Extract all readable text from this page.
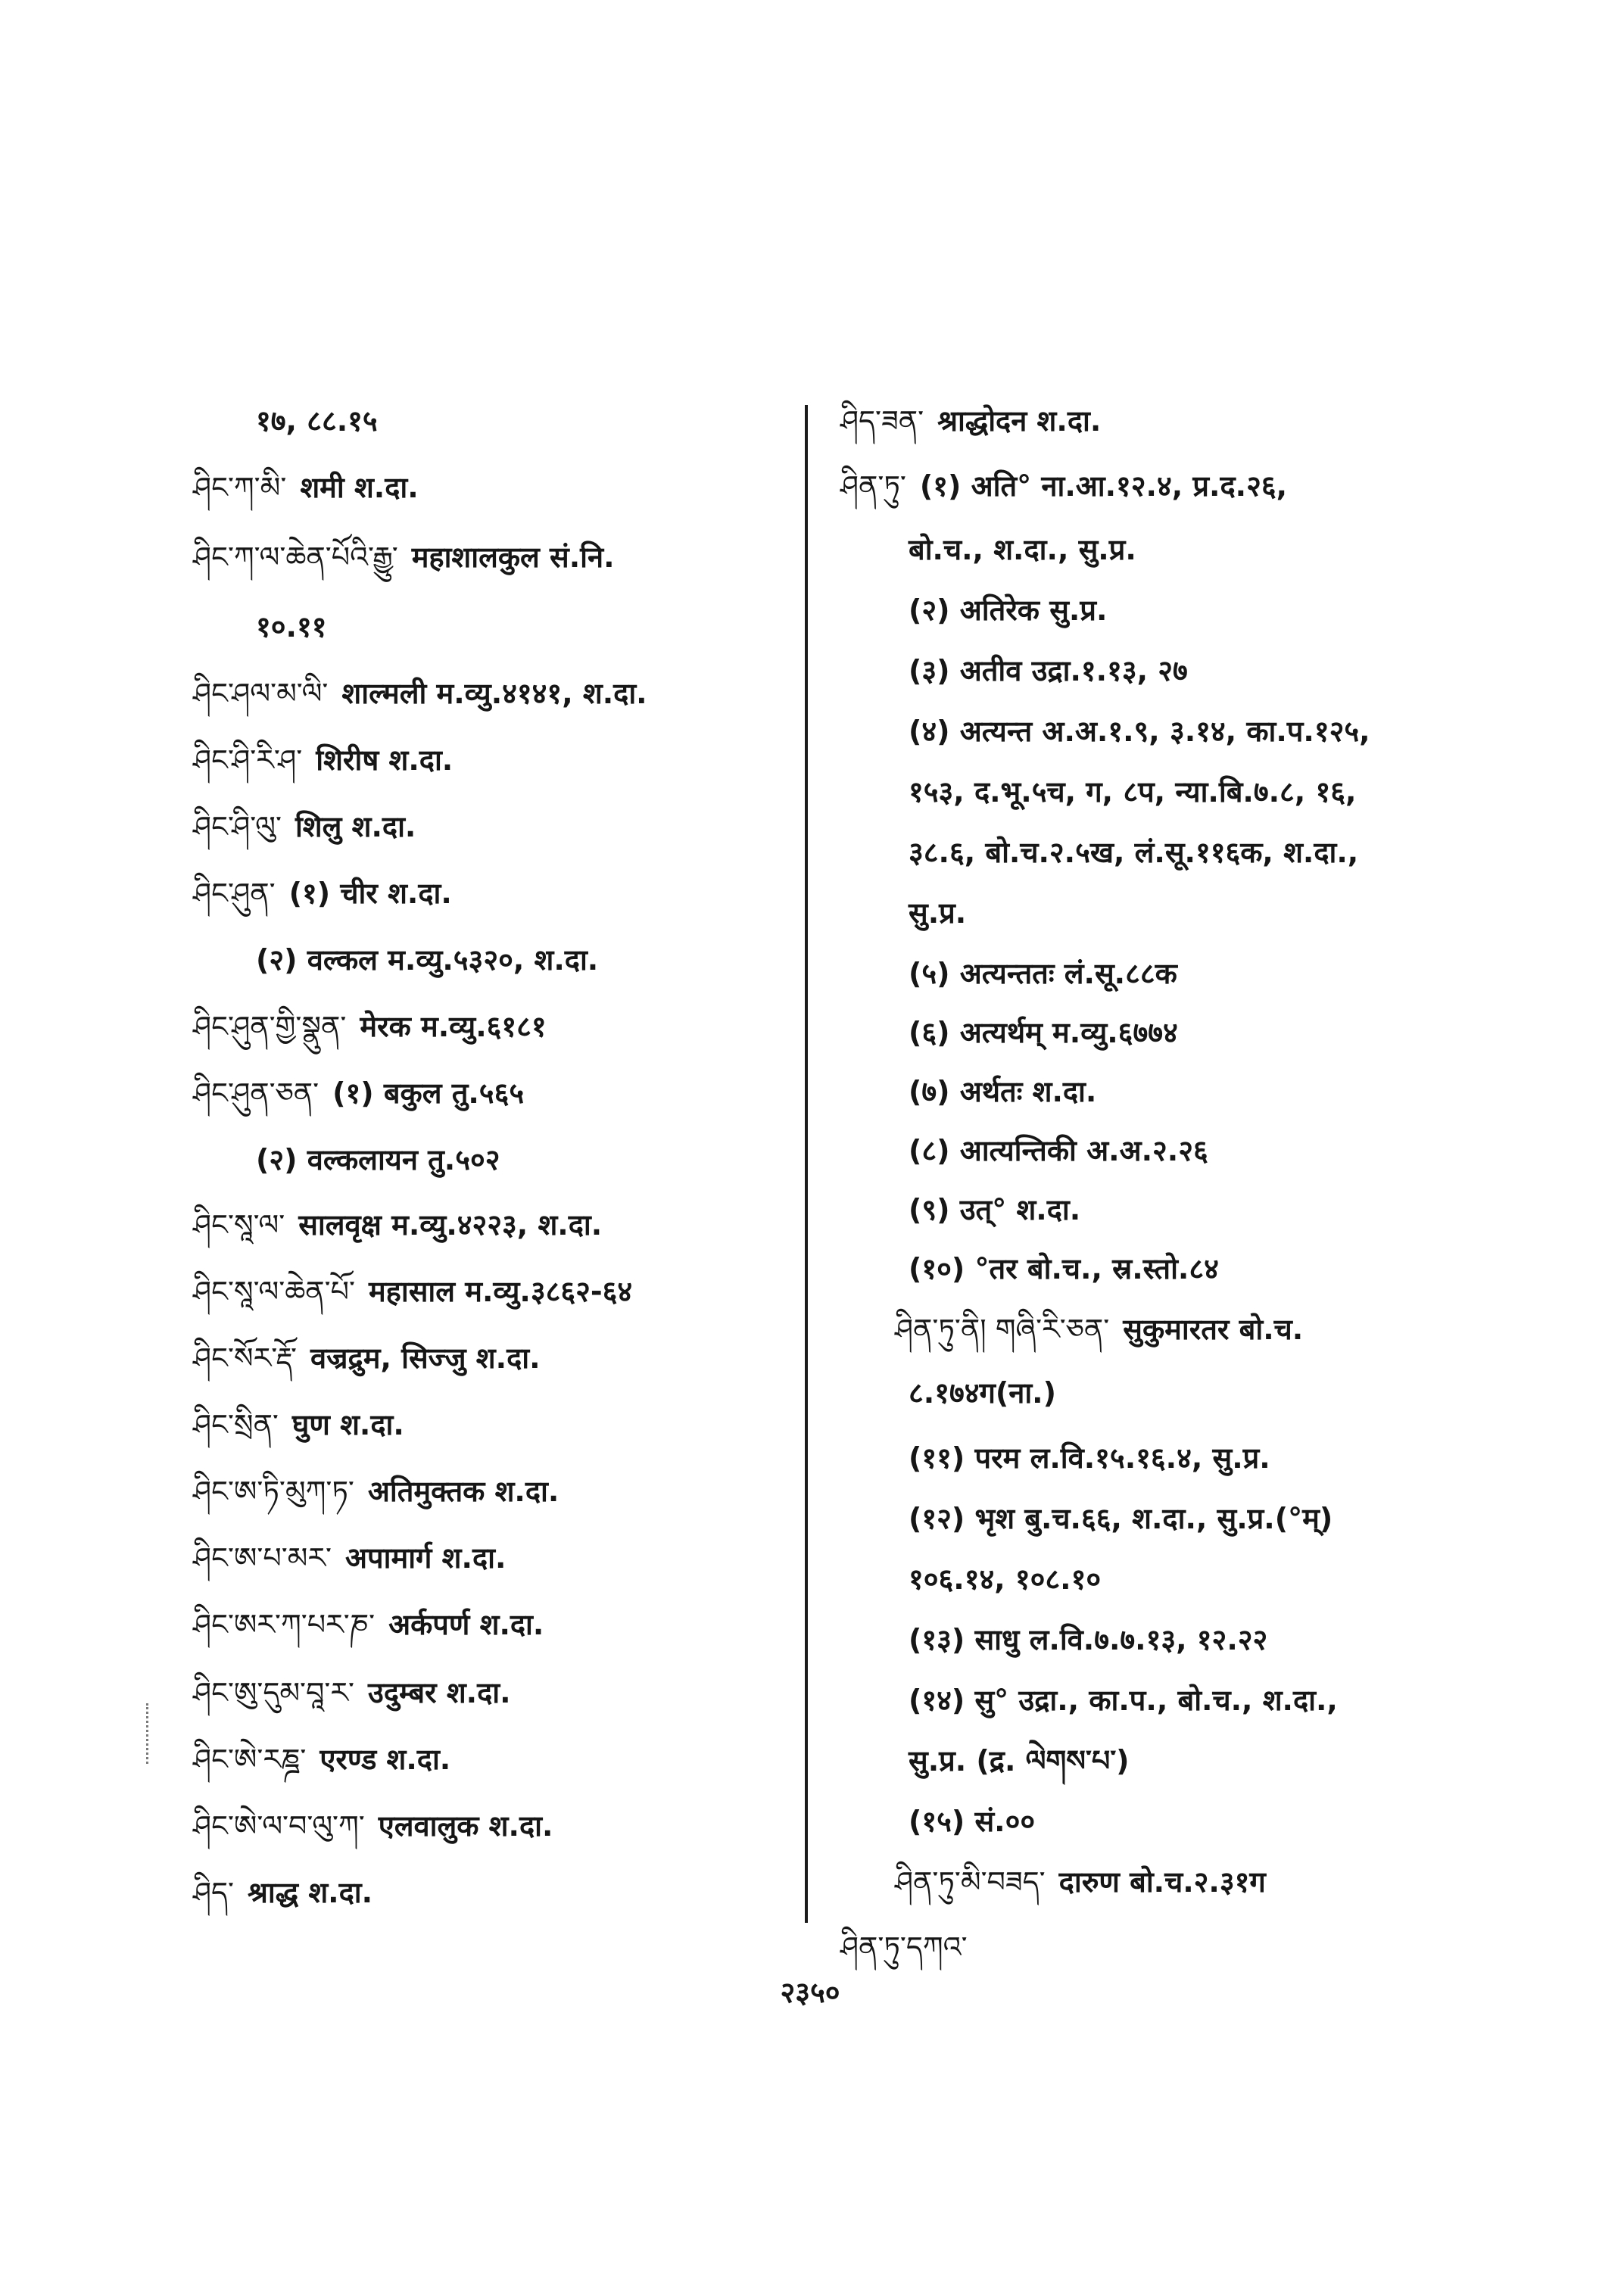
१७, ८८.१५
ཤིང་ཀ་མི་ शमी श.दा.
ཤིང་ཀ་ལ་ཆེན་པོའི་རྒྱུ་ महाशालकुल सं.नि.
१०.११
ཤིང་ཤལ་མ་ལི་ शाल्मली म.व्यु.४१४१, श.दा.
ཤིང་ཤི་རི་ཤ་ शिरीष श.दा.
ཤིང་ཤི་ལུ་ शिलु श.दा.
ཤིང་ཤུན་ (१) चीर श.दा.
(२) वल्कल म.व्यु.५३२०, श.दा.
ཤིང་ཤུན་གྱི་སྣུན་ मेरक म.व्यु.६१८१
ཤིང་ཤུན་ཅན་ (१) बकुल तु.५६५
(२) वल्कलायन तु.५०२
ཤིང་སཱ་ལ་ सालवृक्ष म.व्यु.४२२३, श.दा.
ཤིང་སཱ་ལ་ཆེན་པོ་ महासाल म.व्यु.३८६२-६४
ཤིང་སོར་རྡོ་ वज्रद्रुम, सिज्जु श.दा.
ཤིང་སྲིན་ घुण श.दा.
ཤིང་ཨ་ཏི་མུཀ་ཏ་ अतिमुक्तक श.दा.
ཤིང་ཨ་པ་མར་ अपामार्ग श.दा.
ཤིང་ཨར་ཀ་པར་ཎ་ अर्कपर्ण श.दा.
ཤིང་ཨུ་དུམ་བཱ་ར་ उदुम्बर श.दा.
ཤིང་ཨེ་རཎྜ་ एरण्ड श.दा.
ཤིང་ཨེ་ལ་བ་ལུ་ཀ་ एलवालुक श.दा.
ཤིད་ श्राद्ध श.दा.
ཤིད་ཟན་ श्राद्धोदन श.दा.
ཤིན་ཏུ་ (१) अति° ना.आ.१२.४, प्र.द.२६,
बो.च., श.दा., सु.प्र.
(२) अतिरेक सु.प्र.
(३) अतीव उद्रा.१.१३, २७
(४) अत्यन्त अ.अ.१.९, ३.१४, का.प.१२५,
१५३, द.भू.५च, ग, ८प, न्या.बि.७.८, १६,
३८.६, बो.च.२.५ख, लं.सू.११६क, श.दा.,
सु.प्र.
(५) अत्यन्ततः लं.सू.८८क
(६) अत्यर्थम् म.व्यु.६७७४
(७) अर्थतः श.दा.
(८) आत्यन्तिकी अ.अ.२.२६
(९) उत्° श.दा.
(१०) °तर बो.च., स्र.स्तो.८४
ཤིན་ཏུ་ནི། གཞི་རི་ཅན་ सुकुमारतर बो.च.
८.१७४ग(ना.)
(११) परम ल.वि.१५.१६.४, सु.प्र.
(१२) भृश बु.च.६६, श.दा., सु.प्र.(°म्)
१०६.१४, १०८.१०
(१३) साधु ल.वि.७.७.१३, १२.२२
(१४) सु° उद्रा., का.प., बो.च., श.दा.,
सु.प्र. (द्र. ལེགས་པ་)
(१५) सं.००
ཤིན་ཏུ་མི་བཟད་ दारुण बो.च.२.३१ग
ཤིན་ཏུ་དཀའ་
२३५०
